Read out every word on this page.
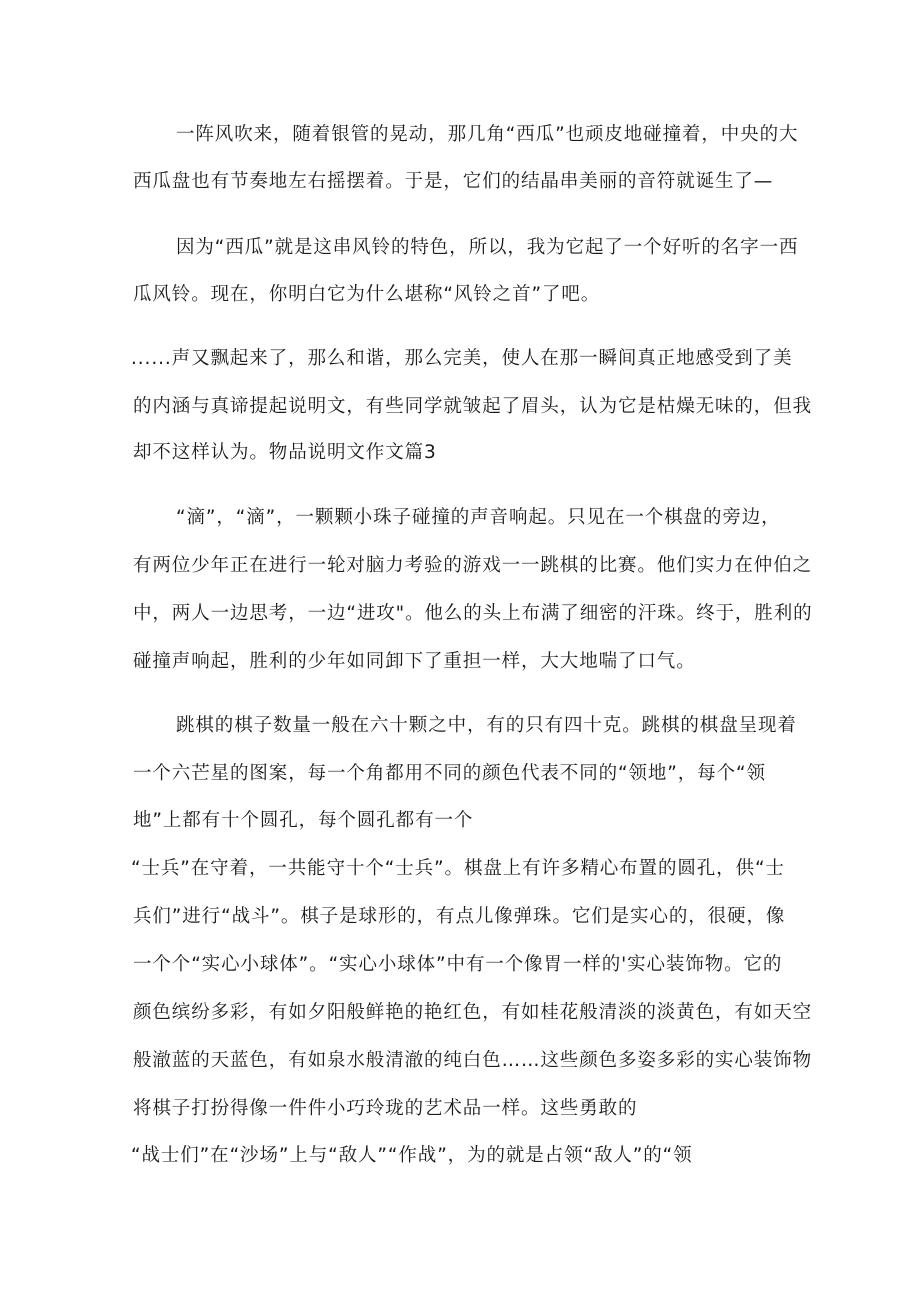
一阵风吹来，随着银管的晃动，那几角“西瓜”也顽皮地碰撞着，中央的大
西瓜盘也有节奏地左右摇摆着。于是，它们的结晶串美丽的音符就诞生了—
因为“西瓜”就是这串风铃的特色，所以，我为它起了一个好听的名字一西
瓜风铃。现在，你明白它为什么堪称“风铃之首”了吧。
......声又飘起来了，那么和谐，那么完美，使人在那一瞬间真正地感受到了美
的内涵与真谛提起说明文，有些同学就皱起了眉头，认为它是枯燥无味的，但我
却不这样认为。物品说明文作文篇3
“滴”，“滴”，一颗颗小珠子碰撞的声音响起。只见在一个棋盘的旁边，
有两位少年正在进行一轮对脑力考验的游戏一一跳棋的比赛。他们实力在仲伯之
中，两人一边思考，一边“进攻"。他么的头上布满了细密的汗珠。终于，胜利的
碰撞声响起，胜利的少年如同卸下了重担一样，大大地喘了口气。
跳棋的棋子数量一般在六十颗之中，有的只有四十克。跳棋的棋盘呈现着
一个六芒星的图案，每一个角都用不同的颜色代表不同的“领地”，每个“领
地”上都有十个圆孔，每个圆孔都有一个
“士兵”在守着，一共能守十个“士兵”。棋盘上有许多精心布置的圆孔，供“士
兵们”进行“战斗”。棋子是球形的，有点儿像弹珠。它们是实心的，很硬，像
一个个“实心小球体”。“实心小球体”中有一个像胃一样的'实心装饰物。它的
颜色缤纷多彩，有如夕阳般鲜艳的艳红色，有如桂花般清淡的淡黄色，有如天空
般澈蓝的天蓝色，有如泉水般清澈的纯白色……这些颜色多姿多彩的实心装饰物
将棋子打扮得像一件件小巧玲珑的艺术品一样。这些勇敢的
“战士们”在“沙场”上与“敌人”“作战”，为的就是占领“敌人”的“领
